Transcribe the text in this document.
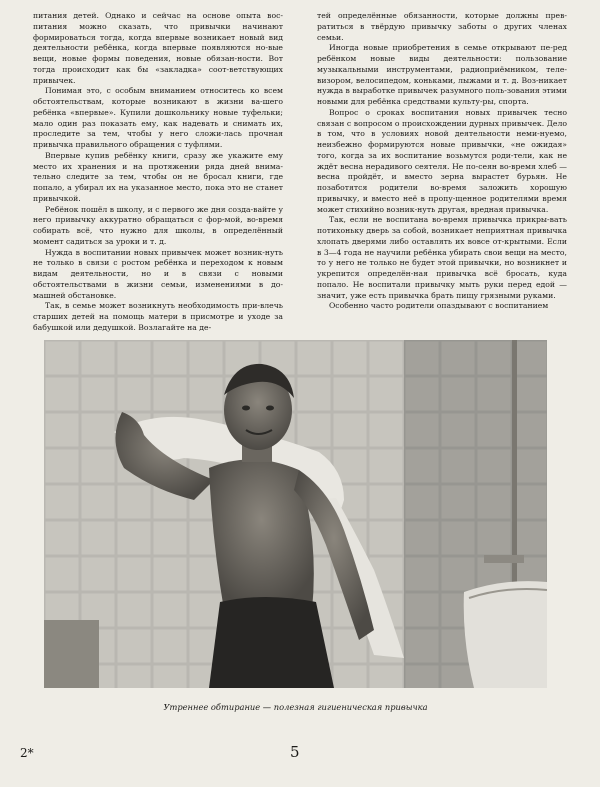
питания детей. Однако и сейчас на основе опыта вос-питания можно сказать, что привычки начинают формироваться тогда, когда впервые возникает новый вид деятельности ребёнка, когда впервые появляются но-вые вещи, новые формы поведения, новые обязан-ности. Вот тогда происходит как бы «закладка» соот-ветствующих привычек.

Понимая это, с особым вниманием относитесь ко всем обстоятельствам, которые возникают в жизни ва-шего ребёнка «впервые». Купили дошкольнику новые туфельки; мало один раз показать ему, как надевать и снимать их, проследите за тем, чтобы у него сложи-лась прочная привычка правильного обращения с туфлями.

Впервые купив ребёнку книги, сразу же укажите ему место их хранения и на протяжении ряда дней внима-тельно следите за тем, чтобы он не бросал книги, где попало, а убирал их на указанное место, пока это не станет привычкой.

Ребёнок пошёл в школу, и с первого же дня созда-вайте у него привычку аккуратно обращаться с фор-мой, во-время собирать всё, что нужно для школы, в определённый момент садиться за уроки и т. д.

Нужда в воспитании новых привычек может возник-нуть не только в связи с ростом ребёнка и переходом к новым видам деятельности, но и в связи с новыми обстоятельствами в жизни семьи, изменениями в до-машней обстановке.

Так, в семье может возникнуть необходимость при-влечь старших детей на помощь матери в присмотре и уходе за бабушкой или дедушкой. Возлагайте на де-

тей определённые обязанности, которые должны прев-ратиться в твёрдую привычку заботы о других членах семьи.

Иногда новые приобретения в семье открывают пе-ред ребёнком новые виды деятельности: пользование музыкальными инструментами, радиоприёмником, теле-визором, велосипедом, коньками, лыжами и т. д. Воз-никает нужда в выработке привычек разумного поль-зования этими новыми для ребёнка средствами культу-ры, спорта.

Вопрос о сроках воспитания новых привычек тесно связан с вопросом о происхождении дурных привычек. Дело в том, что в условиях новой деятельности неми-нуемо, неизбежно формируются новые привычки, «не ожидая» того, когда за их воспитание возьмутся роди-тели, как не ждёт весна нерадивого сеятеля. Не по-сеян во-время хлеб — весна пройдёт, и вместо зерна вырастет бурьян. Не позаботятся родители во-время заложить хорошую привычку, и вместо неё в пропу-щенное родителями время может стихийно возник-нуть другая, вредная привычка.

Так, если не воспитана во-время привычка прикры-вать потихоньку дверь за собой, возникает неприятная привычка хлопать дверями либо оставлять их вовсе от-крытыми. Если в 3—4 года не научили ребёнка убирать свои вещи на место, то у него не только не будет этой привычки, но возникнет и укрепится определён-ная привычка всё бросать, куда попало. Не воспитали привычку мыть руки перед едой — значит, уже есть привычка брать пищу грязными руками.

Особенно часто родители опаздывают с воспитанием

Утреннее обтирание — полезная гигиеническая привычка
2*	5
